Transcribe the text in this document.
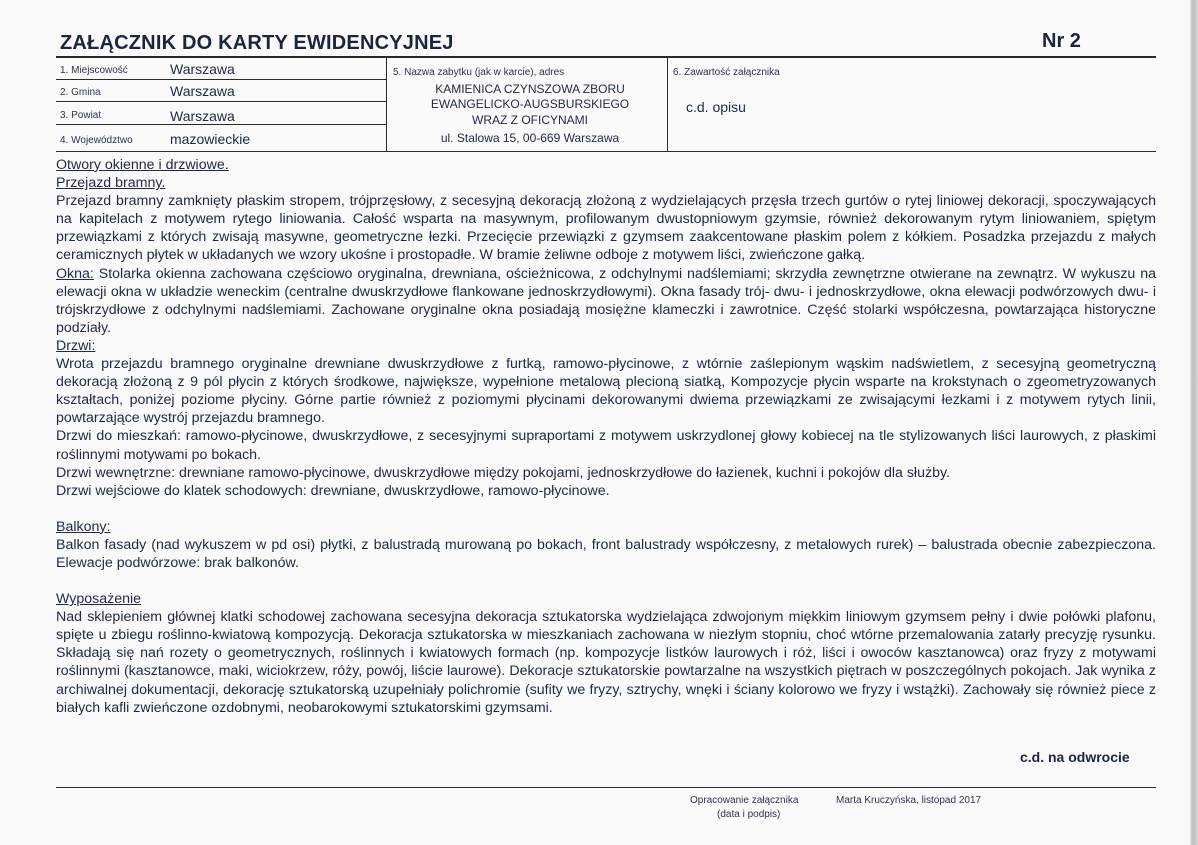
ZAŁĄCZNIK DO KARTY EWIDENCYJNEJ	Nr 2
1. Miejscowość	Warszawa
2. Gmina	Warszawa
3. Powiat	Warszawa
4. Województwo	mazowieckie
5. Nazwa zabytku (jak w karcie), adres
KAMIENICA CZYNSZOWA ZBORU
EWANGELICKO-AUGSBURSKIEGO
WRAZ Z OFICYNAMI
ul. Stalowa 15, 00-669 Warszawa
6. Zawartość załącznika
c.d. opisu

Otwory okienne i drzwiowe.

Przejazd bramny.

Przejazd bramny zamknięty płaskim stropem, trójprzęsłowy, z secesyjną dekoracją złożoną z wydzielających przęsła trzech gurtów o rytej liniowej dekoracji, spoczywających na kapitelach z motywem rytego liniowania. Całość wsparta na masywnym, profilowanym dwustopniowym gzymsie, również dekorowanym rytym liniowaniem, spiętym przewiązkami z których zwisają masywne, geometryczne łezki. Przecięcie przewiązki z gzymsem zaakcentowane płaskim polem z kółkiem. Posadzka przejazdu z małych ceramicznych płytek w układanych we wzory ukośne i prostopadłe. W bramie żeliwne odboje z motywem liści, zwieńczone gałką.

Okna: Stolarka okienna zachowana częściowo oryginalna, drewniana, ościeżnicowa, z odchylnymi nadślemiami; skrzydła zewnętrzne otwierane na zewnątrz. W wykuszu na elewacji okna w układzie weneckim (centralne dwuskrzydłowe flankowane jednoskrzydłowymi). Okna fasady trój- dwu- i jednoskrzydłowe, okna elewacji podwórzowych dwu- i trójskrzydłowe z odchylnymi nadślemiami. Zachowane oryginalne okna posiadają mosiężne klameczki i zawrotnice. Część stolarki współczesna, powtarzająca historyczne podziały.

Drzwi:

Wrota przejazdu bramnego oryginalne drewniane dwuskrzydłowe z furtką, ramowo-płycinowe, z wtórnie zaślepionym wąskim nadświetlem, z secesyjną geometryczną dekoracją złożoną z 9 pól płycin z których środkowe, największe, wypełnione metalową plecioną siatką, Kompozycje płycin wsparte na krokstynach o zgeometryzowanych kształtach, poniżej poziome płyciny. Górne partie również z poziomymi płycinami dekorowanymi dwiema przewiązkami ze zwisającymi łezkami i z motywem rytych linii, powtarzające wystrój przejazdu bramnego.

Drzwi do mieszkań: ramowo-płycinowe, dwuskrzydłowe, z secesyjnymi supraportami z motywem uskrzydlonej głowy kobiecej na tle stylizowanych liści laurowych, z płaskimi roślinnymi motywami po bokach.

Drzwi wewnętrzne: drewniane ramowo-płycinowe, dwuskrzydłowe między pokojami, jednoskrzydłowe do łazienek, kuchni i pokojów dla służby.

Drzwi wejściowe do klatek schodowych: drewniane, dwuskrzydłowe, ramowo-płycinowe.

Balkony:

Balkon fasady (nad wykuszem w pd osi) płytki, z balustradą murowaną po bokach, front balustrady współczesny, z metalowych rurek) – balustrada obecnie zabezpieczona. Elewacje podwórzowe: brak balkonów.

Wyposażenie

Nad sklepieniem głównej klatki schodowej zachowana secesyjna dekoracja sztukatorska wydzielająca zdwojonym miękkim liniowym gzymsem pełny i dwie połówki plafonu, spięte u zbiegu roślinno-kwiatową kompozycją. Dekoracja sztukatorska w mieszkaniach zachowana w niezłym stopniu, choć wtórne przemalowania zatarły precyzję rysunku. Składają się nań rozety o geometrycznych, roślinnych i kwiatowych formach (np. kompozycje listków laurowych i róż, liści i owoców kasztanowca) oraz fryzy z motywami roślinnymi (kasztanowce, maki, wiciokrzew, róży, powój, liście laurowe). Dekoracje sztukatorskie powtarzalne na wszystkich piętrach w poszczególnych pokojach. Jak wynika z archiwalnej dokumentacji, dekorację sztukatorską uzupełniały polichromie (sufity we fryzy, sztrychy, wnęki i ściany kolorowo we fryzy i wstążki). Zachowały się również piece z białych kafli zwieńczone ozdobnymi, neobarokowymi sztukatorskimi gzymsami.

c.d. na odwrocie
Opracowanie załącznika
(data i podpis)
Marta Kruczyńska, listopad 2017
